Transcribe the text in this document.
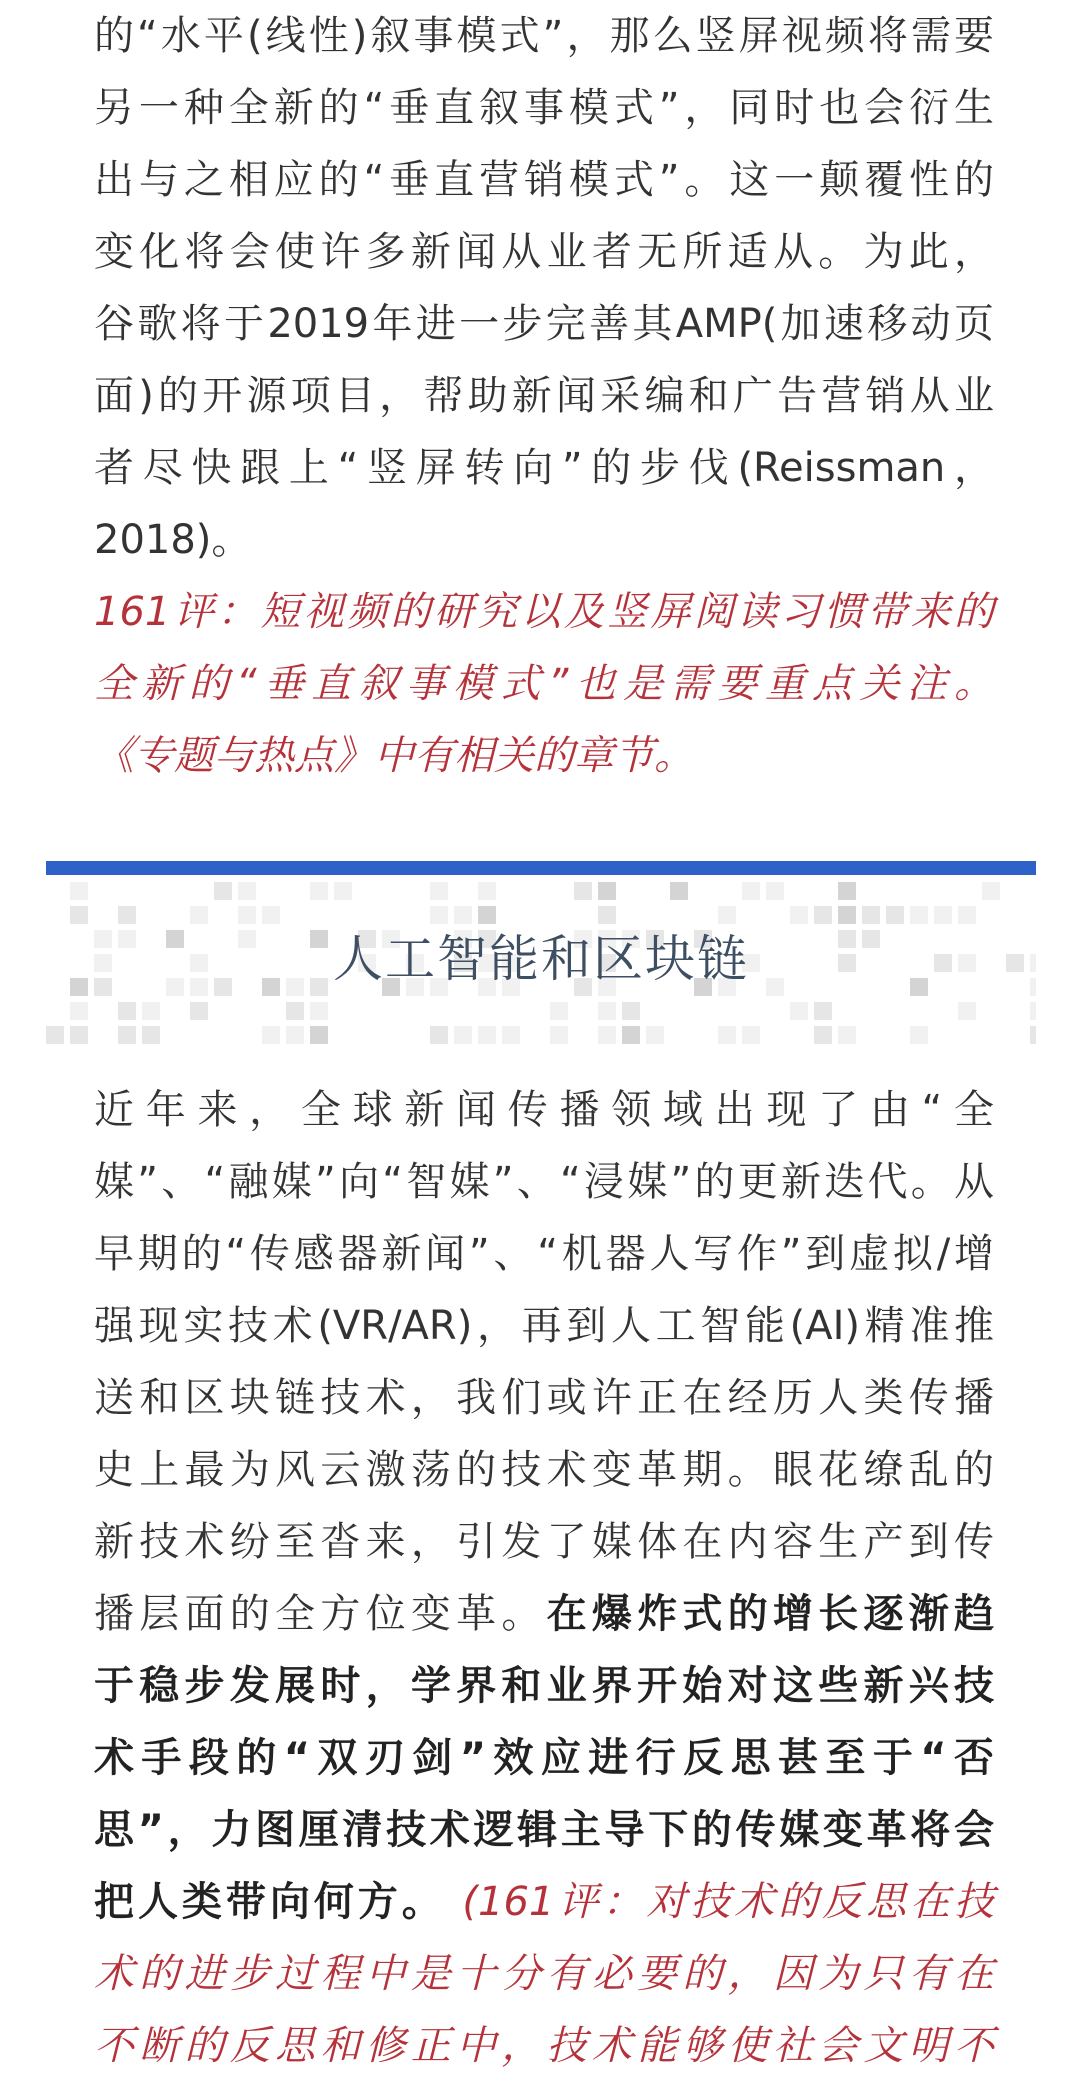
的“水平(线性)叙事模式”，那么竖屏视频将需要
另一种全新的“垂直叙事模式”，同时也会衍生
出与之相应的“垂直营销模式”。这一颠覆性的
变化将会使许多新闻从业者无所适从。为此，
谷歌将于2019年进一步完善其AMP(加速移动页
面)的开源项目，帮助新闻采编和广告营销从业
者尽快跟上“竖屏转向”的步伐(Reissman，
2018)。
161评：短视频的研究以及竖屏阅读习惯带来的
全新的“垂直叙事模式”也是需要重点关注。
《专题与热点》中有相关的章节。
人工智能和区块链
近年来，全球新闻传播领域出现了由“全
媒”、“融媒”向“智媒”、“浸媒”的更新迭代。从
早期的“传感器新闻”、“机器人写作”到虚拟/增
强现实技术(VR/AR)，再到人工智能(AI)精准推
送和区块链技术，我们或许正在经历人类传播
史上最为风云激荡的技术变革期。眼花缭乱的
新技术纷至沓来，引发了媒体在内容生产到传
播层面的全方位变革。在爆炸式的增长逐渐趋
于稳步发展时，学界和业界开始对这些新兴技
术手段的“双刃剑”效应进行反思甚至于“否
思”，力图厘清技术逻辑主导下的传媒变革将会
把人类带向何方。 (161评：对技术的反思在技
术的进步过程中是十分有必要的，因为只有在
不断的反思和修正中，技术能够使社会文明不
